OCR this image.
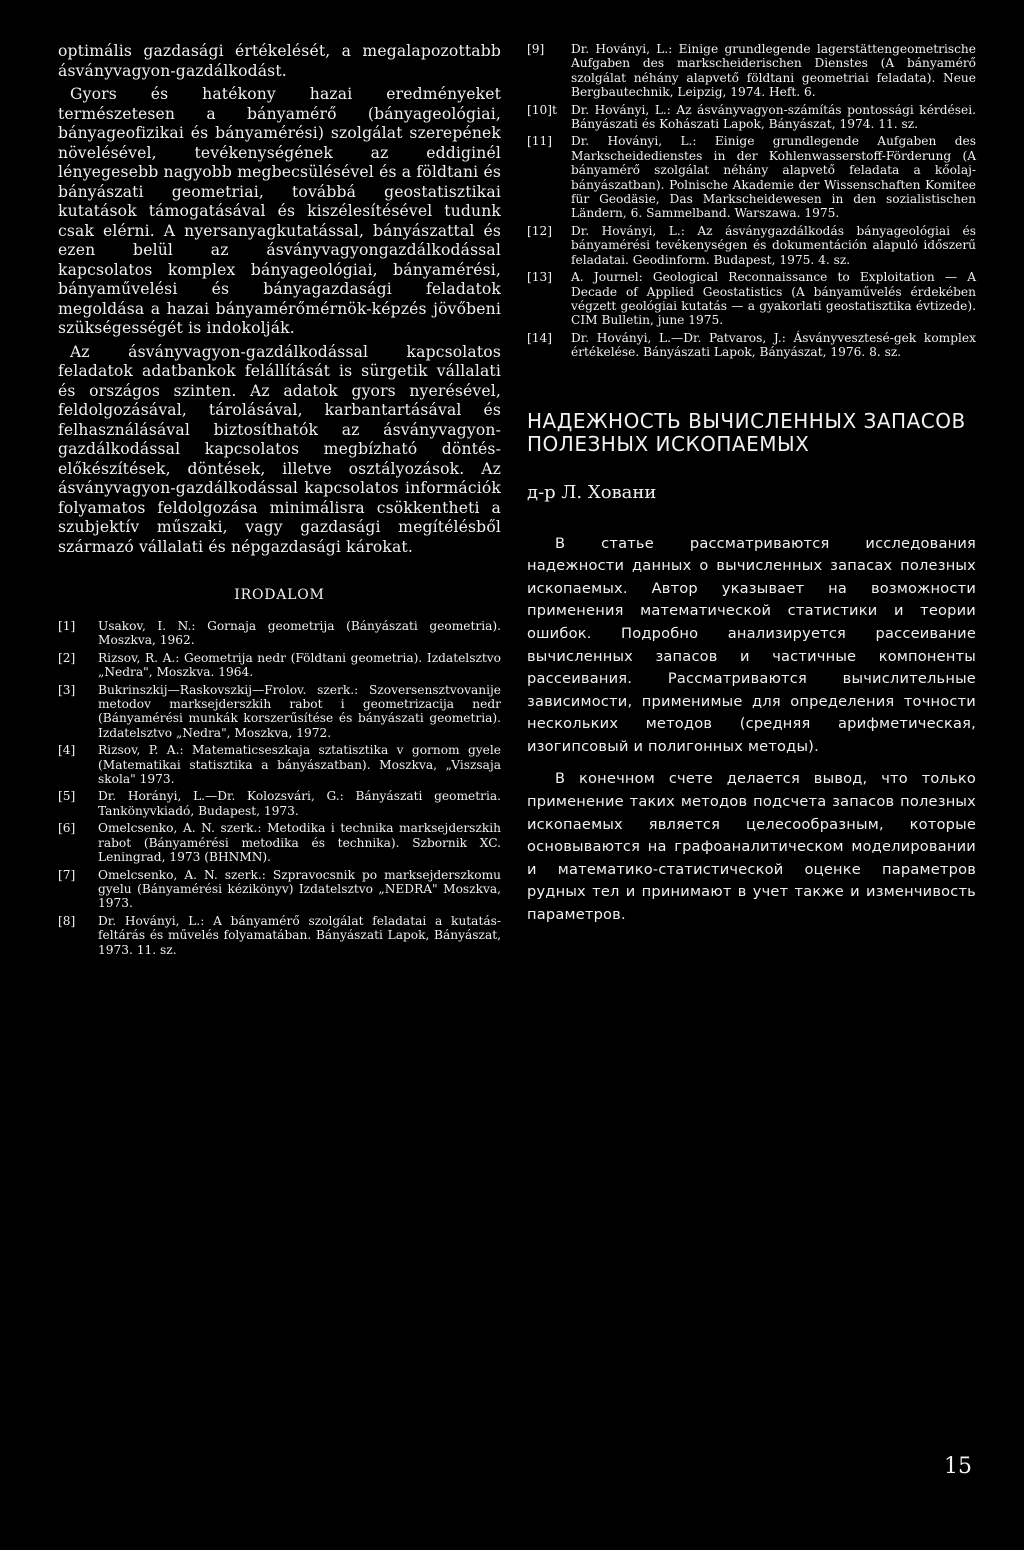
optimális gazdasági értékelését, a megalapozottabb ásványvagyon-gazdálkodást.

Gyors és hatékony hazai eredményeket természetesen a bányamérő (bányageológiai, bányageofizikai és bányamérési) szolgálat szerepének növelésével, tevékenységének az eddiginél lényegesebb nagyobb megbecsülésével és a földtani és bányászati geometriai, továbbá geostatisztikai kutatások támogatásával és kiszélesítésével tudunk csak elérni. A nyersanyagkutatással, bányászattal és ezen belül az ásványvagyongazdálkodással kapcsolatos komplex bányageológiai, bányamérési, bányaművelési és bányagazdasági feladatok megoldása a hazai bányamérőmérnök-képzés jövőbeni szükségességét is indokolják.

Az ásványvagyon-gazdálkodással kapcsolatos feladatok adatbankok felállítását is sürgetik vállalati és országos szinten. Az adatok gyors nyerésével, feldolgozásával, tárolásával, karbantartásával és felhasználásával biztosíthatók az ásványvagyon-gazdálkodással kapcsolatos megbízható döntés-előkészítések, döntések, illetve osztályozások. Az ásványvagyon-gazdálkodással kapcsolatos információk folyamatos feldolgozása minimálisra csökkentheti a szubjektív műszaki, vagy gazdasági megítélésből származó vállalati és népgazdasági károkat.

IRODALOM
[1]	Usakov, I. N.: Gornaja geometrija (Bányászati geometria). Moszkva, 1962.
[2]	Rizsov, R. A.: Geometrija nedr (Földtani geometria). Izdatelsztvo „Nedra", Moszkva. 1964.
[3]	Bukrinszkij—Raskovszkij—Frolov. szerk.: Szoversensztvovanije metodov marksejderszkih rabot i geometrizacija nedr (Bányamérési munkák korszerűsítése és bányászati geometria). Izdatelsztvo „Nedra", Moszkva, 1972.
[4]	Rizsov, P. A.: Matematicseszkaja sztatisztika v gornom gyele (Matematikai statisztika a bányászatban). Moszkva, „Viszsaja skola" 1973.
[5]	Dr. Horányi, L.—Dr. Kolozsvári, G.: Bányászati geometria. Tankönyvkiadó, Budapest, 1973.
[6]	Omelcsenko, A. N. szerk.: Metodika i technika marksejderszkih rabot (Bányamérési metodika és technika). Szbornik XC. Leningrad, 1973 (BHNMN).
[7]	Omelcsenko, A. N. szerk.: Szpravocsnik po marksejderszkomu gyelu (Bányamérési kézikönyv) Izdatelsztvo „NEDRA" Moszkva, 1973.
[8]	Dr. Hoványi, L.: A bányamérő szolgálat feladatai a kutatás-feltárás és művelés folyamatában. Bányászati Lapok, Bányászat, 1973. 11. sz.
[9]	Dr. Hoványi, L.: Einige grundlegende lagerstättengeometrische Aufgaben des markscheiderischen Dienstes (A bányamérő szolgálat néhány alapvető földtani geometriai feladata). Neue Bergbautechnik, Leipzig, 1974. Heft. 6.
[10]t	Dr. Hoványi, L.: Az ásványvagyon-számítás pontossági kérdései. Bányászati és Kohászati Lapok, Bányászat, 1974. 11. sz.
[11]	Dr. Hoványi, L.: Einige grundlegende Aufgaben des Markscheidedienstes in der Kohlenwasserstoff-Förderung (A bányamérő szolgálat néhány alapvető feladata a kőolaj-bányászatban). Polnische Akademie der Wissenschaften Komitee für Geodäsie, Das Markscheidewesen in den sozialistischen Ländern, 6. Sammelband. Warszawa. 1975.
[12]	Dr. Hoványi, L.: Az ásványgazdálkodás bányageológiai és bányamérési tevékenységen és dokumentáción alapuló időszerű feladatai. Geodinform. Budapest, 1975. 4. sz.
[13]	A. Journel: Geological Reconnaissance to Exploitation — A Decade of Applied Geostatistics (A bányaművelés érdekében végzett geológiai kutatás — a gyakorlati geostatisztika évtizede). CIM Bulletin, june 1975.
[14]	Dr. Hoványi, L.—Dr. Patvaros, J.: Ásványvesztesé-gek komplex értékelése. Bányászati Lapok, Bányászat, 1976. 8. sz.
НАДЕЖНОСТЬ ВЫЧИСЛЕННЫХ ЗАПАСОВ ПОЛЕЗНЫХ ИСКОПАЕМЫХ
д-р Л. Ховани

В статье рассматриваются исследования надежности данных о вычисленных запасах полезных ископаемых. Автор указывает на возможности применения математической статистики и теории ошибок. Подробно анализируется рассеивание вычисленных запасов и частичные компоненты рассеивания. Рассматриваются вычислительные зависимости, применимые для определения точности нескольких методов (средняя арифметическая, изогипсовый и полигонных методы).

В конечном счете делается вывод, что только применение таких методов подсчета запасов полезных ископаемых является целесообразным, которые основываются на графоаналитическом моделировании и математико-статистической оценке параметров рудных тел и принимают в учет также и изменчивость параметров.

15
